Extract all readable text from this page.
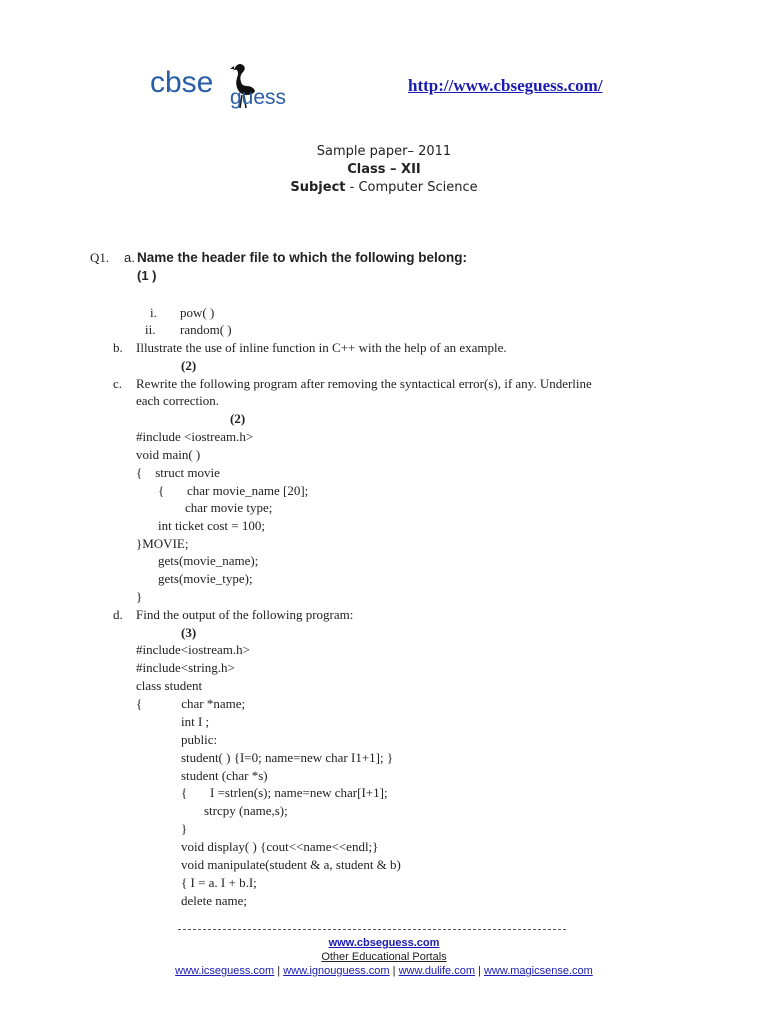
cbse guess
http://www.cbseguess.com/
Sample paper– 2011
Class – XII
Subject - Computer Science
Q1. a. Name the header file to which the following belong:
(1 )
i. pow( )
ii. random( )
b. Illustrate the use of inline function in C++ with the help of an example.
(2)
c. Rewrite the following program after removing the syntactical error(s), if any. Underline
each correction.
(2)
#include <iostream.h>
void main( )
{    struct movie
{       char movie_name [20];
char movie type;
int ticket cost = 100;
}MOVIE;
gets(movie_name);
gets(movie_type);
}
d. Find the output of the following program:
(3)
#include<iostream.h>
#include<string.h>
class student
{            char *name;
int I ;
public:
student( ) {I=0; name=new char I1+1]; }
student (char *s)
{       I =strlen(s); name=new char[I+1];
strcpy (name,s);
}
void display( ) {cout<<name<<endl;}
void manipulate(student & a, student & b)
{ I = a. I + b.I;
delete name;
www.cbseguess.com
Other Educational Portals
www.icseguess.com | www.ignouguess.com | www.dulife.com | www.magicsense.com
